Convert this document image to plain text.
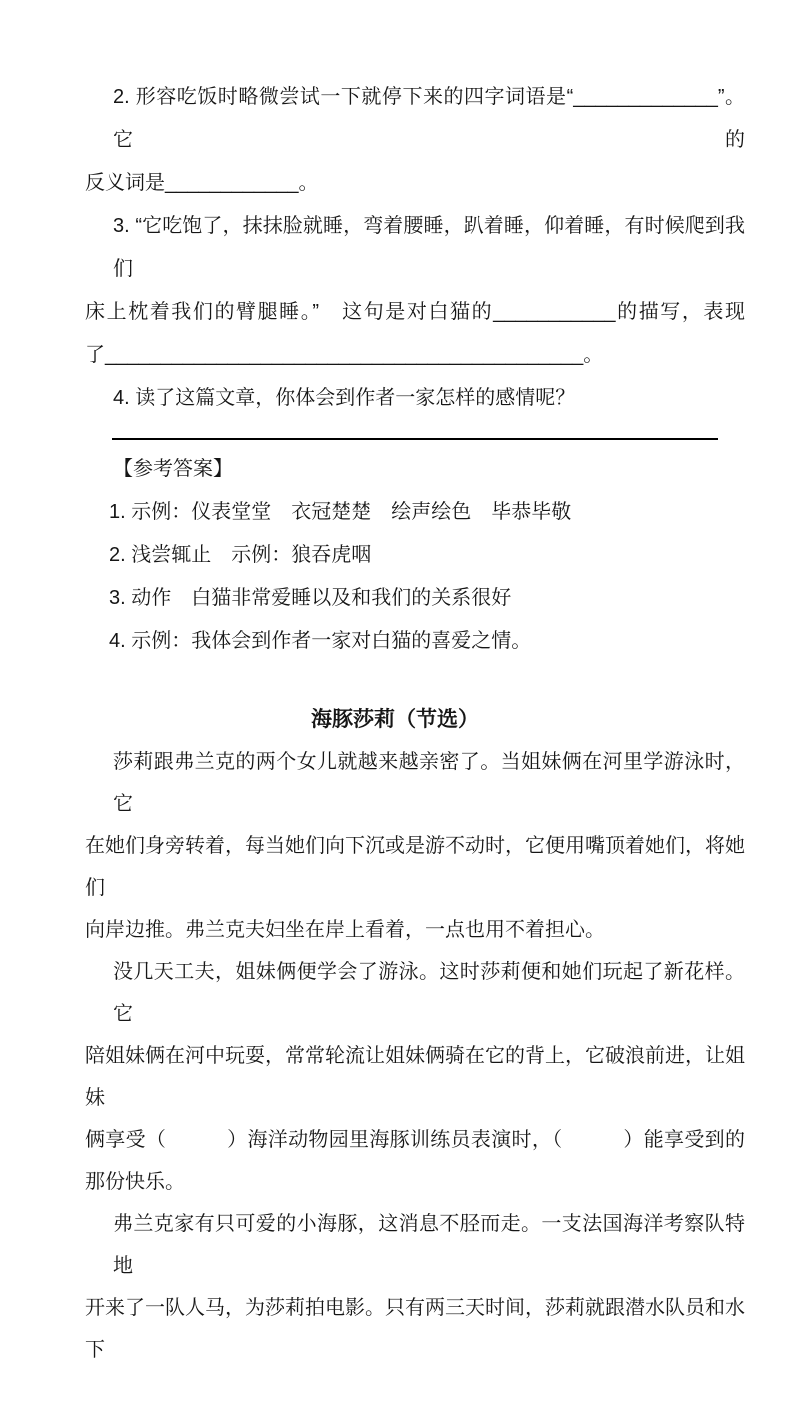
2. 形容吃饭时略微尝试一下就停下来的四字词语是“_____________”。它的
反义词是____________。
3. “它吃饱了，抹抹脸就睡，弯着腰睡，趴着睡，仰着睡，有时候爬到我们
床上枕着我们的臂腿睡。”　这句是对白猫的___________的描写，表现
了___________________________________________。
4. 读了这篇文章，你体会到作者一家怎样的感情呢？
【参考答案】
1. 示例：仪表堂堂　衣冠楚楚　绘声绘色　毕恭毕敬
2. 浅尝辄止　示例：狼吞虎咽
3. 动作　白猫非常爱睡以及和我们的关系很好
4. 示例：我体会到作者一家对白猫的喜爱之情。
海豚莎莉（节选）
莎莉跟弗兰克的两个女儿就越来越亲密了。当姐妹俩在河里学游泳时，它
在她们身旁转着，每当她们向下沉或是游不动时，它便用嘴顶着她们，将她们
向岸边推。弗兰克夫妇坐在岸上看着，一点也用不着担心。
没几天工夫，姐妹俩便学会了游泳。这时莎莉便和她们玩起了新花样。它
陪姐妹俩在河中玩耍，常常轮流让姐妹俩骑在它的背上，它破浪前进，让姐妹
俩享受（　　　）海洋动物园里海豚训练员表演时，（　　　）能享受到的
那份快乐。
弗兰克家有只可爱的小海豚，这消息不胫而走。一支法国海洋考察队特地
开来了一队人马，为莎莉拍电影。只有两三天时间，莎莉就跟潜水队员和水下
